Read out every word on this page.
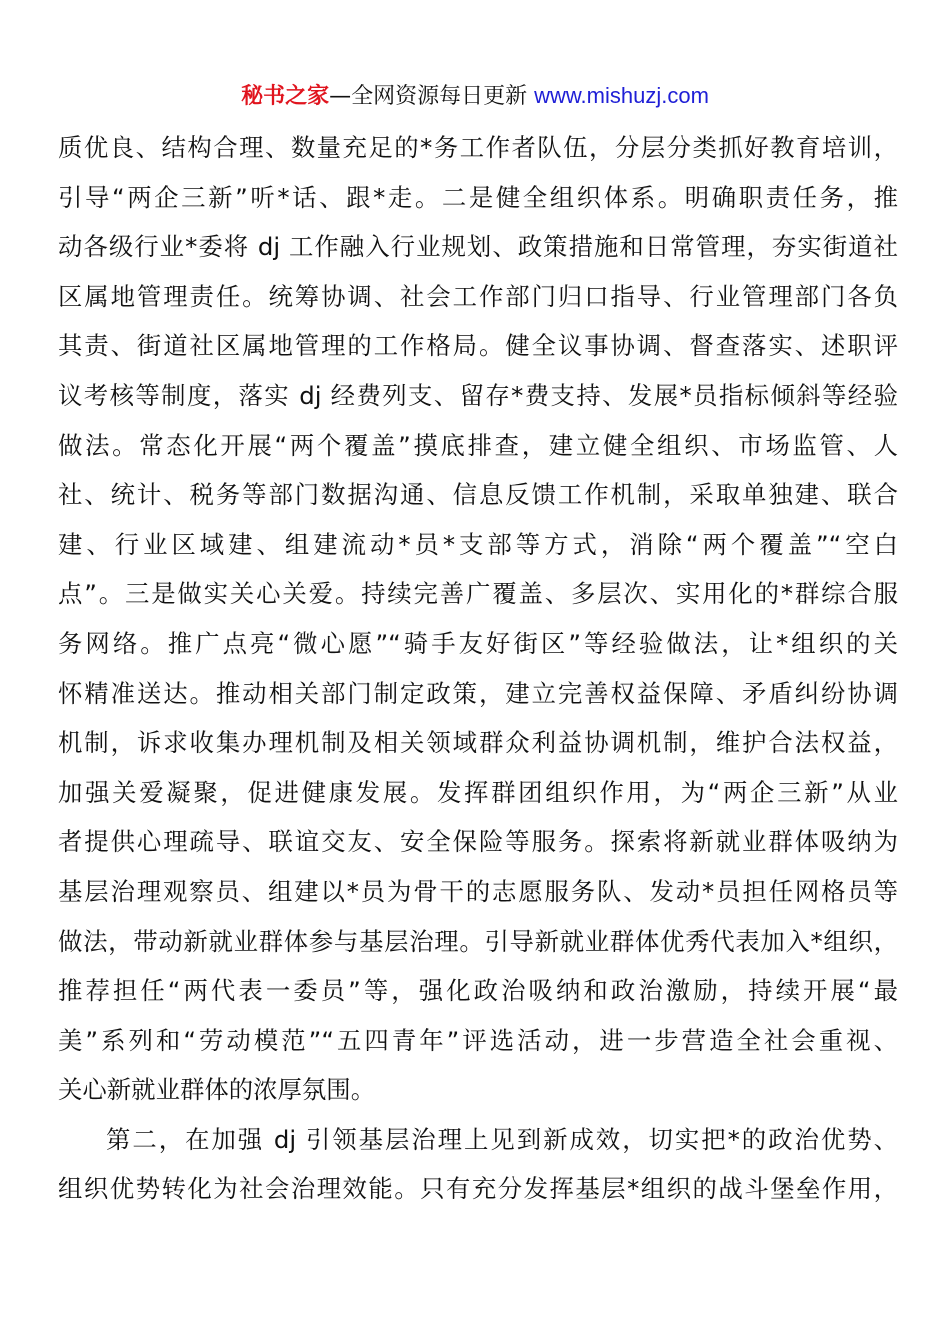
秘书之家—全网资源每日更新 www.mishuzj.com
质优良、结构合理、数量充足的*务工作者队伍，分层分类抓好教育培训，
引导“两企三新”听*话、跟*走。二是健全组织体系。明确职责任务，推
动各级行业*委将 dj 工作融入行业规划、政策措施和日常管理，夯实街道社
区属地管理责任。统筹协调、社会工作部门归口指导、行业管理部门各负
其责、街道社区属地管理的工作格局。健全议事协调、督查落实、述职评
议考核等制度，落实 dj 经费列支、留存*费支持、发展*员指标倾斜等经验
做法。常态化开展“两个覆盖”摸底排查，建立健全组织、市场监管、人
社、统计、税务等部门数据沟通、信息反馈工作机制，采取单独建、联合
建、行业区域建、组建流动*员*支部等方式，消除“两个覆盖”“空白
点”。三是做实关心关爱。持续完善广覆盖、多层次、实用化的*群综合服
务网络。推广点亮“微心愿”“骑手友好街区”等经验做法，让*组织的关
怀精准送达。推动相关部门制定政策，建立完善权益保障、矛盾纠纷协调
机制，诉求收集办理机制及相关领域群众利益协调机制，维护合法权益，
加强关爱凝聚，促进健康发展。发挥群团组织作用，为“两企三新”从业
者提供心理疏导、联谊交友、安全保险等服务。探索将新就业群体吸纳为
基层治理观察员、组建以*员为骨干的志愿服务队、发动*员担任网格员等
做法，带动新就业群体参与基层治理。引导新就业群体优秀代表加入*组织，
推荐担任“两代表一委员”等，强化政治吸纳和政治激励，持续开展“最
美”系列和“劳动模范”“五四青年”评选活动，进一步营造全社会重视、
关心新就业群体的浓厚氛围。
第二，在加强 dj 引领基层治理上见到新成效，切实把*的政治优势、
组织优势转化为社会治理效能。只有充分发挥基层*组织的战斗堡垒作用，
